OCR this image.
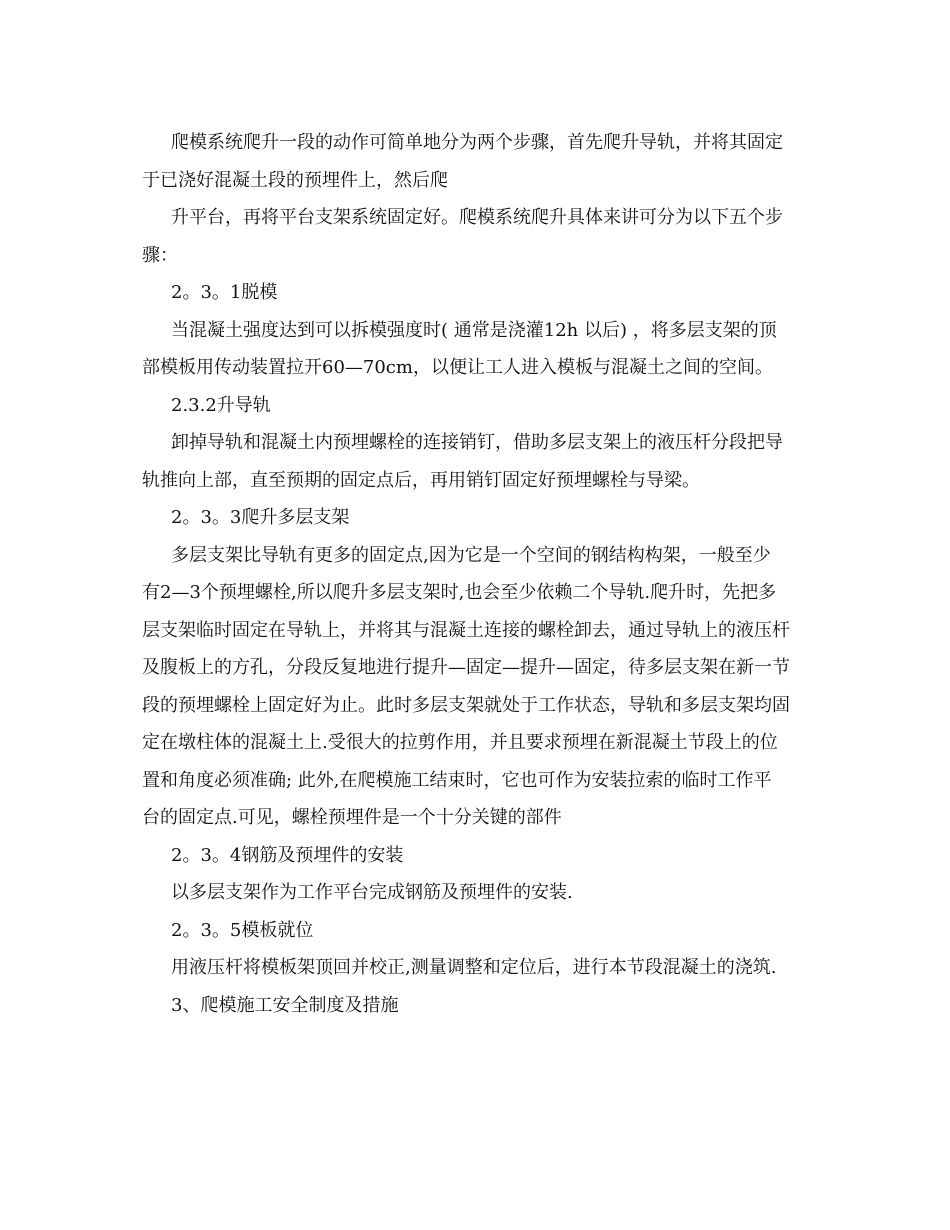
爬模系统爬升一段的动作可简单地分为两个步骤，首先爬升导轨，并将其固定
于已浇好混凝土段的预埋件上，然后爬
升平台，再将平台支架系统固定好。爬模系统爬升具体来讲可分为以下五个步
骤：
2。3。1脱模
当混凝土强度达到可以拆模强度时( 通常是浇灌12h 以后) ，将多层支架的顶
部模板用传动装置拉开60—70cm，以便让工人进入模板与混凝土之间的空间。
2.3.2升导轨
卸掉导轨和混凝土内预埋螺栓的连接销钉，借助多层支架上的液压杆分段把导
轨推向上部，直至预期的固定点后，再用销钉固定好预埋螺栓与导梁。
2。3。3爬升多层支架
多层支架比导轨有更多的固定点,因为它是一个空间的钢结构构架，一般至少
有2—3个预埋螺栓,所以爬升多层支架时,也会至少依赖二个导轨.爬升时，先把多
层支架临时固定在导轨上，并将其与混凝土连接的螺栓卸去，通过导轨上的液压杆
及腹板上的方孔，分段反复地进行提升—固定—提升—固定，待多层支架在新一节
段的预埋螺栓上固定好为止。此时多层支架就处于工作状态，导轨和多层支架均固
定在墩柱体的混凝土上.受很大的拉剪作用，并且要求预埋在新混凝土节段上的位
置和角度必须准确; 此外,在爬模施工结束时，它也可作为安装拉索的临时工作平
台的固定点.可见，螺栓预埋件是一个十分关键的部件
2。3。4钢筋及预埋件的安装
以多层支架作为工作平台完成钢筋及预埋件的安装.
2。3。5模板就位
用液压杆将模板架顶回并校正,测量调整和定位后，进行本节段混凝土的浇筑.
3、爬模施工安全制度及措施
